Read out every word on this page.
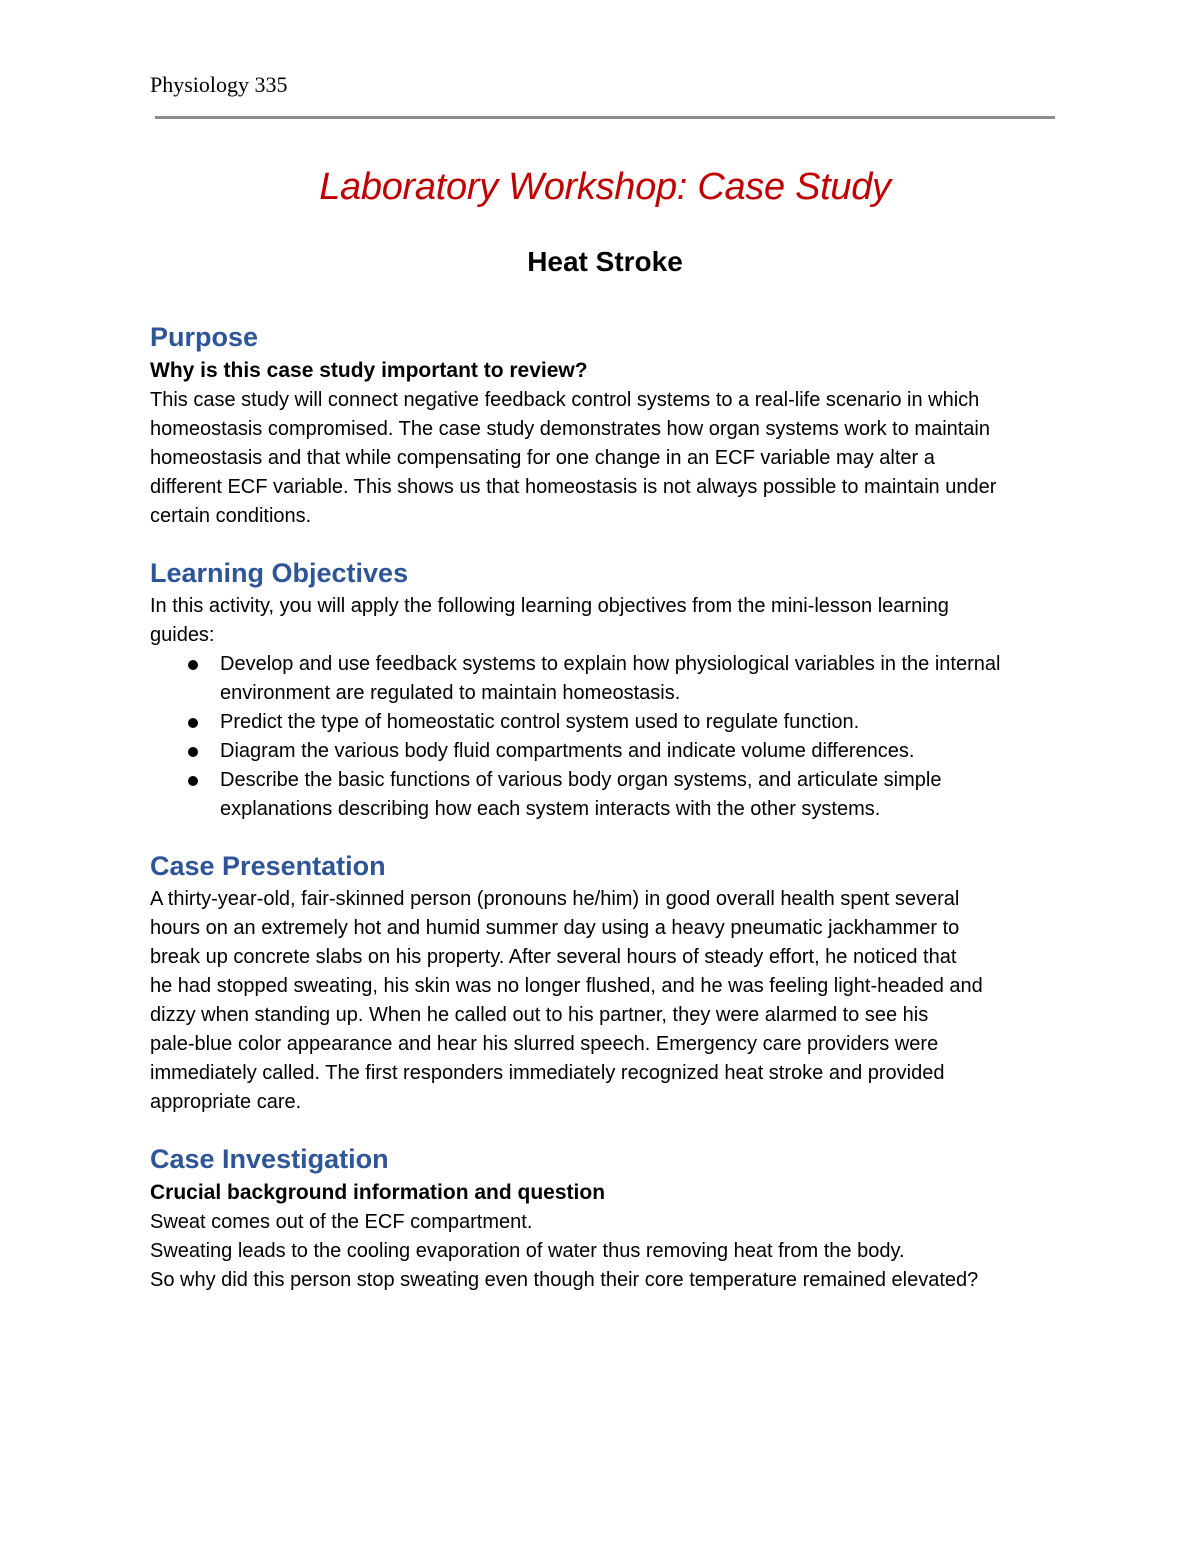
Physiology 335
Laboratory Workshop: Case Study
Heat Stroke
Purpose
Why is this case study important to review?
This case study will connect negative feedback control systems to a real-life scenario in which
homeostasis compromised. The case study demonstrates how organ systems work to maintain
homeostasis and that while compensating for one change in an ECF variable may alter a
different ECF variable. This shows us that homeostasis is not always possible to maintain under
certain conditions.
Learning Objectives
In this activity, you will apply the following learning objectives from the mini-lesson learning
guides:
Develop and use feedback systems to explain how physiological variables in the internal
environment are regulated to maintain homeostasis.
Predict the type of homeostatic control system used to regulate function.
Diagram the various body fluid compartments and indicate volume differences.
Describe the basic functions of various body organ systems, and articulate simple
explanations describing how each system interacts with the other systems.
Case Presentation
A thirty-year-old, fair-skinned person (pronouns he/him) in good overall health spent several
hours on an extremely hot and humid summer day using a heavy pneumatic jackhammer to
break up concrete slabs on his property. After several hours of steady effort, he noticed that
he had stopped sweating, his skin was no longer flushed, and he was feeling light-headed and
dizzy when standing up. When he called out to his partner, they were alarmed to see his
pale-blue color appearance and hear his slurred speech. Emergency care providers were
immediately called. The first responders immediately recognized heat stroke and provided
appropriate care.
Case Investigation
Crucial background information and question
Sweat comes out of the ECF compartment.
Sweating leads to the cooling evaporation of water thus removing heat from the body.
So why did this person stop sweating even though their core temperature remained elevated?
